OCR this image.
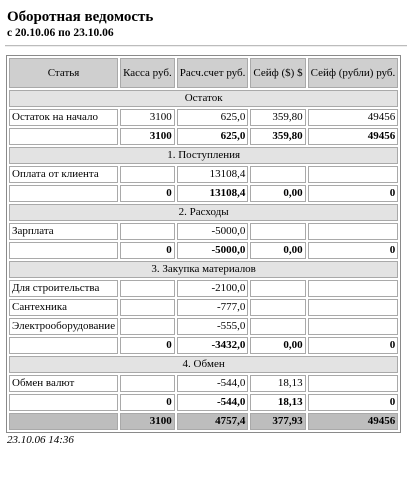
Оборотная ведомость
с 20.10.06 по 23.10.06
Статья	Касса руб.	Расч.счет руб.	Сейф ($) $	Сейф (рубли) руб.
Остаток				
Остаток на начало	3100	625,0	359,80	49456
	3100	625,0	359,80	49456
1. Поступления				
Оплата от клиента		13108,4		
	0	13108,4	0,00	0
2. Расходы				
Зарплата		-5000,0		
	0	-5000,0	0,00	0
3. Закупка материалов				
Для строительства		-2100,0		
Сантехника		-777,0		
Электрооборудование		-555,0		
	0	-3432,0	0,00	0
4. Обмен				
Обмен валют		-544,0	18,13	
	0	-544,0	18,13	0
	3100	4757,4	377,93	49456
23.10.06 14:36
